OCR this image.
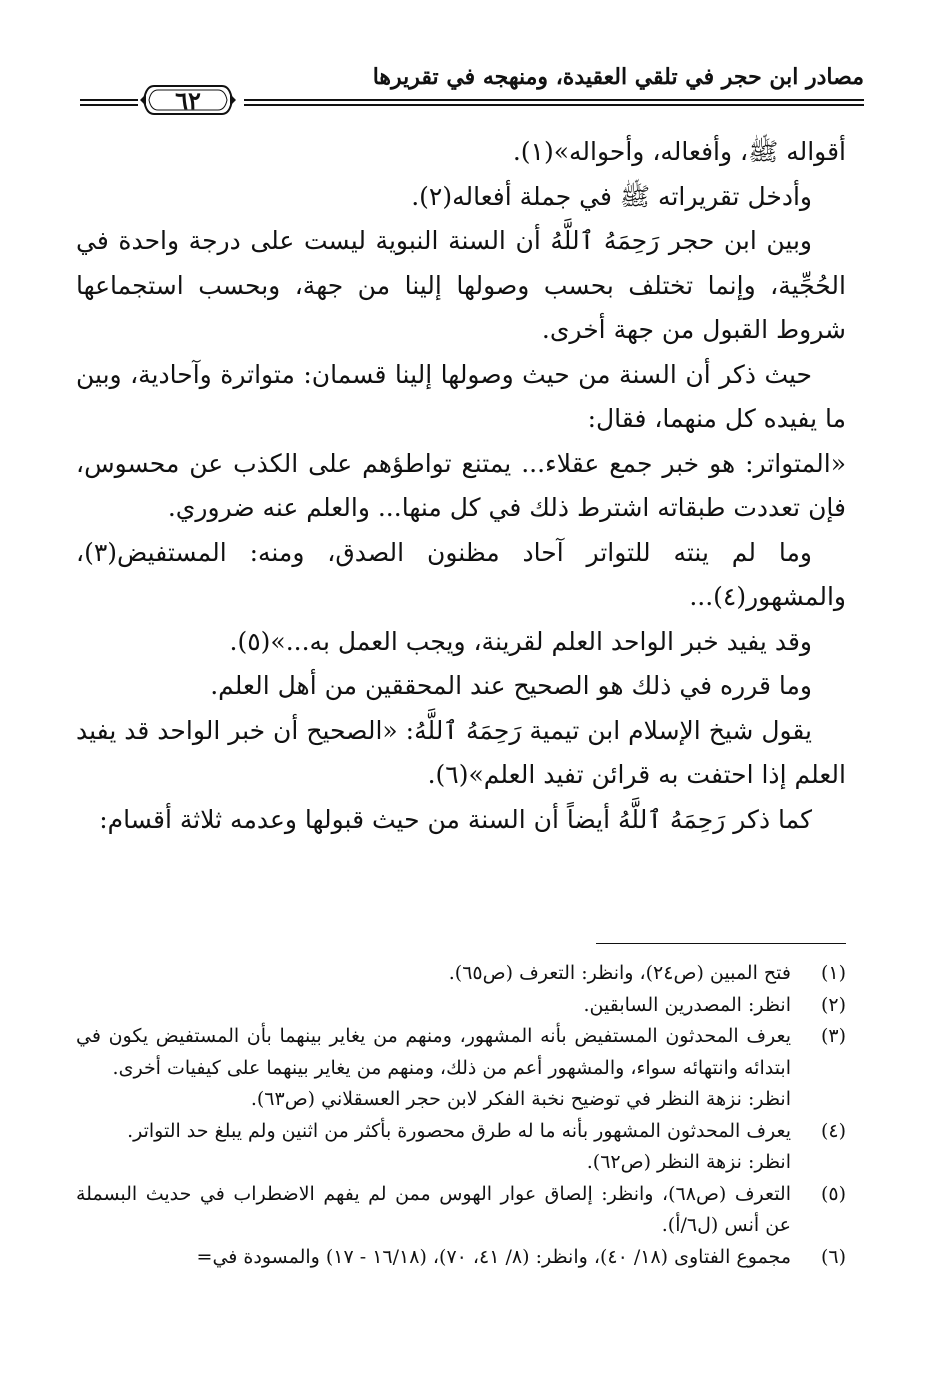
مصادر ابن حجر في تلقي العقيدة، ومنهجه في تقريرها
٦٢

أقواله ﷺ، وأفعاله، وأحواله»(١).

وأدخل تقريراته ﷺ في جملة أفعاله(٢).

وبين ابن حجر رَحِمَهُ ٱللَّهُ أن السنة النبوية ليست على درجة واحدة في الحُجِّية، وإنما تختلف بحسب وصولها إلينا من جهة، وبحسب استجماعها شروط القبول من جهة أخرى.

حيث ذكر أن السنة من حيث وصولها إلينا قسمان: متواترة وآحادية، وبين ما يفيده كل منهما، فقال:

«المتواتر: هو خبر جمع عقلاء... يمتنع تواطؤهم على الكذب عن محسوس، فإن تعددت طبقاته اشترط ذلك في كل منها... والعلم عنه ضروري.

وما لم ينته للتواتر آحاد مظنون الصدق، ومنه: المستفيض(٣)، والمشهور(٤)...

وقد يفيد خبر الواحد العلم لقرينة، ويجب العمل به...»(٥).

وما قرره في ذلك هو الصحيح عند المحققين من أهل العلم.

يقول شيخ الإسلام ابن تيمية رَحِمَهُ ٱللَّهُ: «الصحيح أن خبر الواحد قد يفيد العلم إذا احتفت به قرائن تفيد العلم»(٦).

كما ذكر رَحِمَهُ ٱللَّهُ أيضاً أن السنة من حيث قبولها وعدمه ثلاثة أقسام:

(١)
فتح المبين (ص٢٤)، وانظر: التعرف (ص٦٥).
(٢)
انظر: المصدرين السابقين.
(٣)
يعرف المحدثون المستفيض بأنه المشهور، ومنهم من يغاير بينهما بأن المستفيض يكون في ابتدائه وانتهائه سواء، والمشهور أعم من ذلك، ومنهم من يغاير بينهما على كيفيات أخرى.
انظر: نزهة النظر في توضيح نخبة الفكر لابن حجر العسقلاني (ص٦٣).
(٤)
يعرف المحدثون المشهور بأنه ما له طرق محصورة بأكثر من اثنين ولم يبلغ حد التواتر.
انظر: نزهة النظر (ص٦٢).
(٥)
التعرف (ص٦٨)، وانظر: إلصاق عوار الهوس ممن لم يفهم الاضطراب في حديث البسملة عن أنس (ل٦/أ).
(٦)
مجموع الفتاوى (١٨/ ٤٠)، وانظر: (٨/ ٤١، ٧٠)، (١٦/١٨ - ١٧) والمسودة في=
